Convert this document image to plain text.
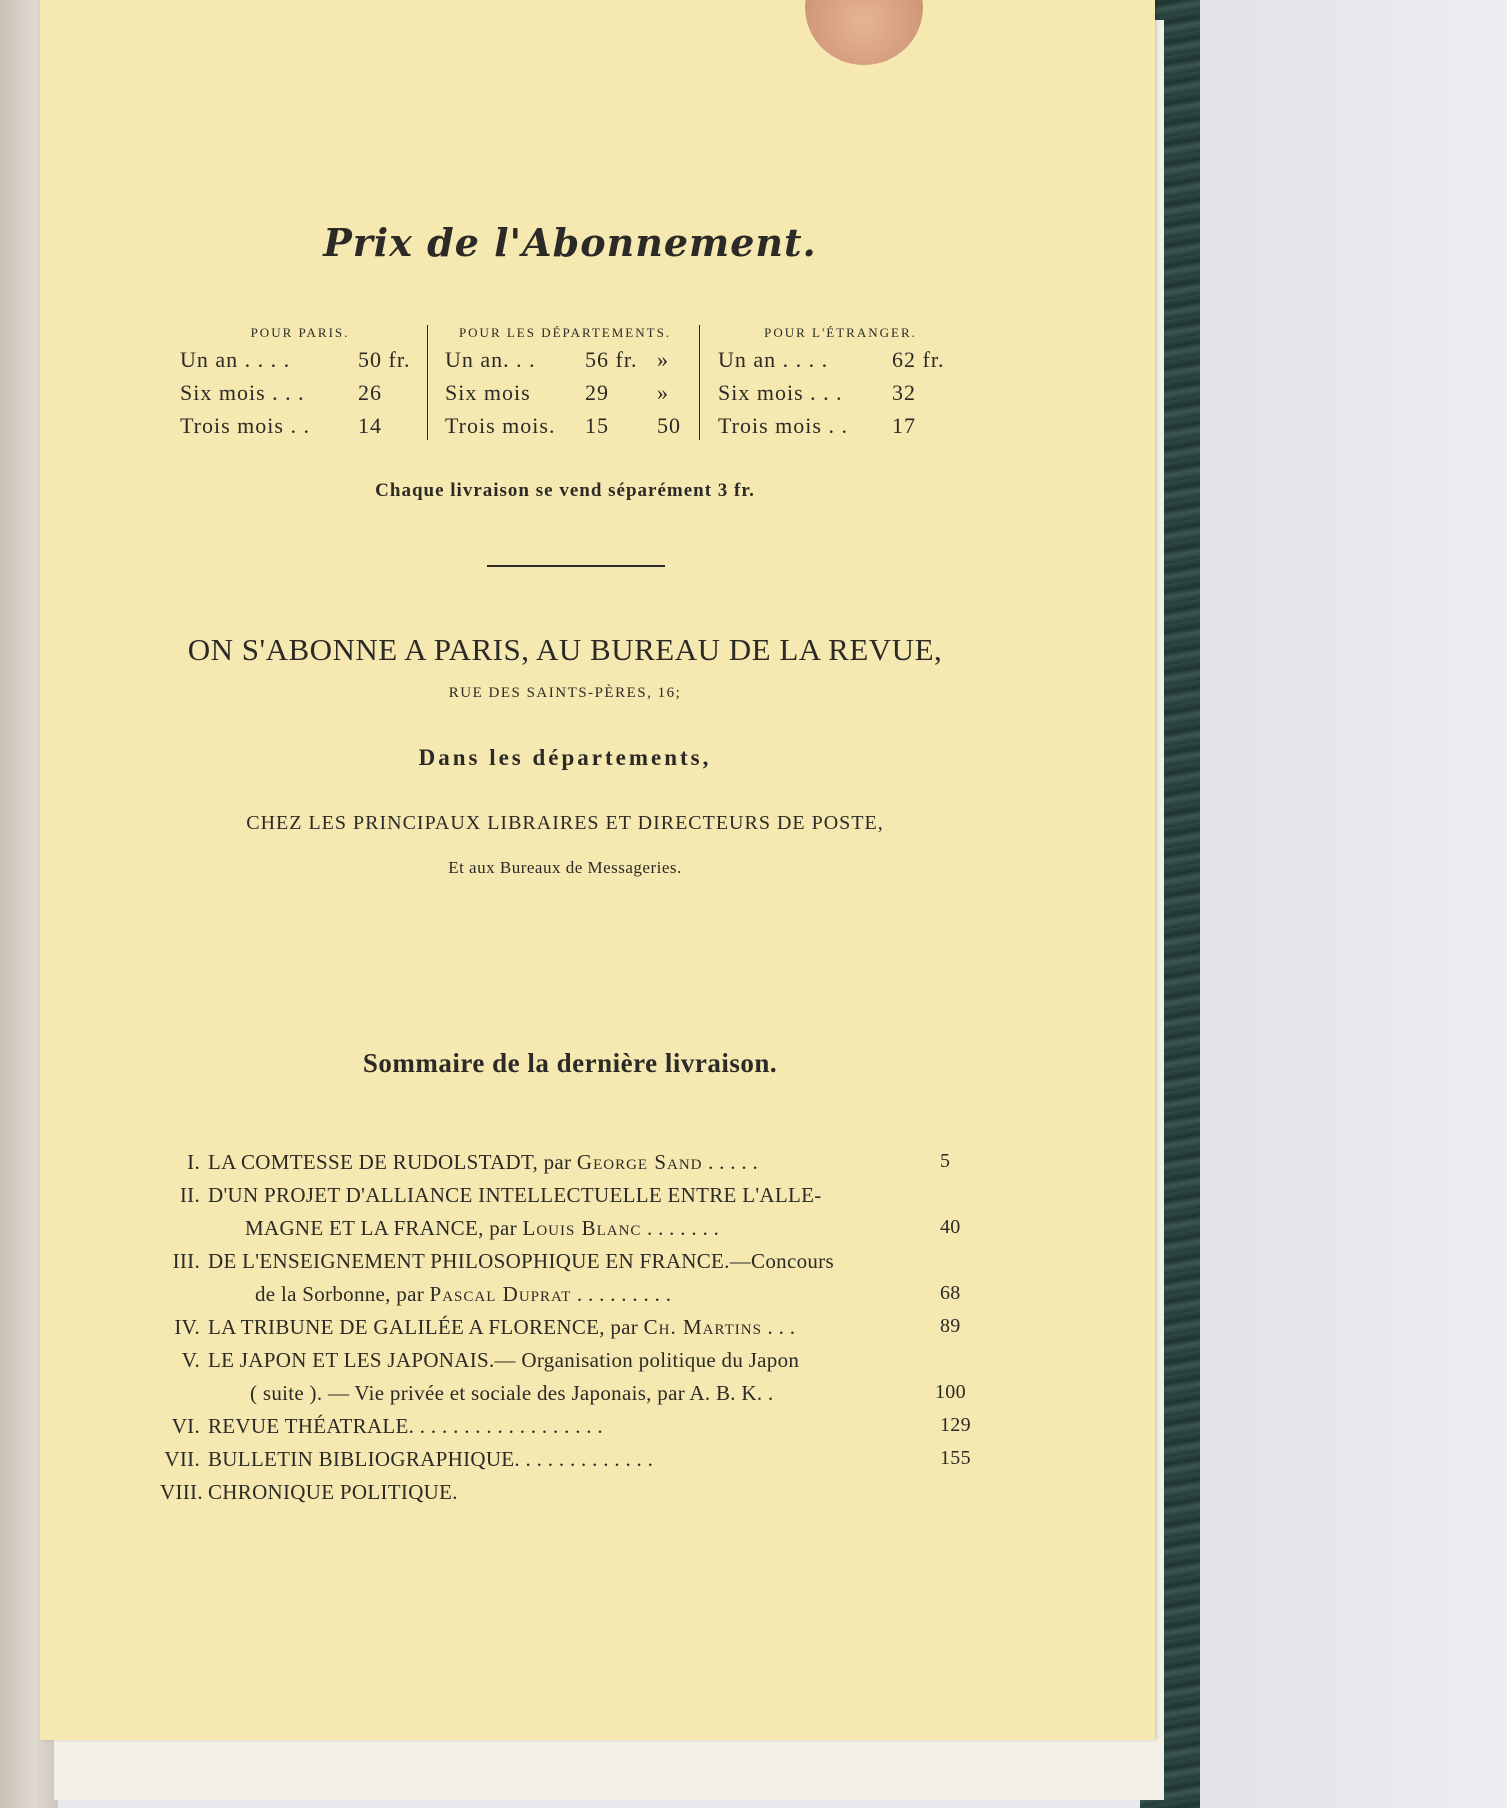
Prix de l'Abonnement.
POUR PARIS.
Un an . . . .	50 fr.
Six mois . . . 26
Trois mois . . 14
POUR LES DÉPARTEMENTS.
Un an. . . 56 fr. »
Six mois 29 »
Trois mois. 15 50
POUR L'ÉTRANGER.
Un an . . . .	62 fr.
Six mois . . . 32
Trois mois . . 17
Chaque livraison se vend séparément 3 fr.
ON S'ABONNE A PARIS, AU BUREAU DE LA REVUE,
RUE DES SAINTS-PÈRES, 16;
Dans les départements,
CHEZ LES PRINCIPAUX LIBRAIRES ET DIRECTEURS DE POSTE,
Et aux Bureaux de Messageries.
Sommaire de la dernière livraison.
I. LA COMTESSE DE RUDOLSTADT, par George Sand . . . . .	5
II. D'UN PROJET D'ALLIANCE INTELLECTUELLE ENTRE L'ALLE-
MAGNE ET LA FRANCE, par Louis Blanc . . . . . . .	40
III. DE L'ENSEIGNEMENT PHILOSOPHIQUE EN FRANCE.—Concours
de la Sorbonne, par Pascal Duprat . . . . . . . . .	68
IV. LA TRIBUNE DE GALILÉE A FLORENCE, par Ch. Martins . . .	89
V. LE JAPON ET LES JAPONAIS.— Organisation politique du Japon
( suite ). — Vie privée et sociale des Japonais, par A. B. K. .	100
VI. REVUE THÉATRALE. . . . . . . . . . . . . . . . . .	129
VII. BULLETIN BIBLIOGRAPHIQUE. . . . . . . . . . . . .	155
VIII. CHRONIQUE POLITIQUE.
